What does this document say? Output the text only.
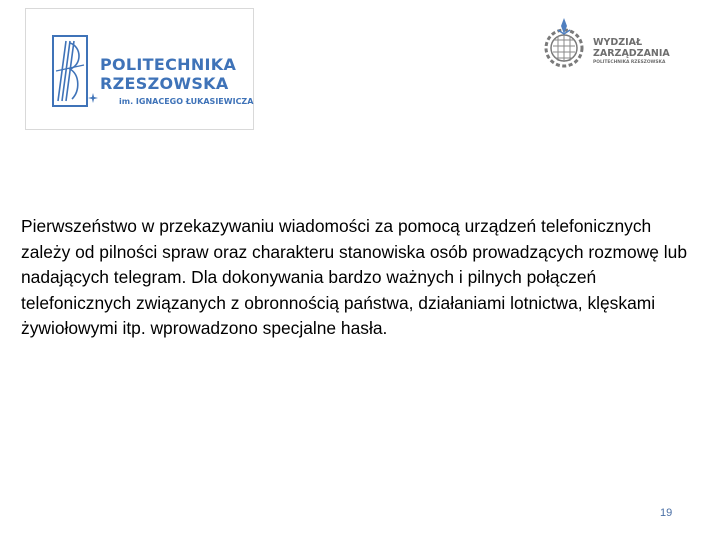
POLITECHNIKA
RZESZOWSKA
im. IGNACEGO ŁUKASIEWICZA
WYDZIAŁ
ZARZĄDZANIA
POLITECHNIKA RZESZOWSKA

Pierwszeństwo w przekazywaniu wiadomości za pomocą urządzeń telefonicznych zależy od pilności spraw oraz charakteru stanowiska osób prowadzących rozmowę lub nadających telegram. Dla dokonywania bardzo ważnych i pilnych połączeń telefonicznych związanych z obronnością państwa, działaniami lotnictwa, klęskami żywiołowymi itp. wprowadzono specjalne hasła.

19
